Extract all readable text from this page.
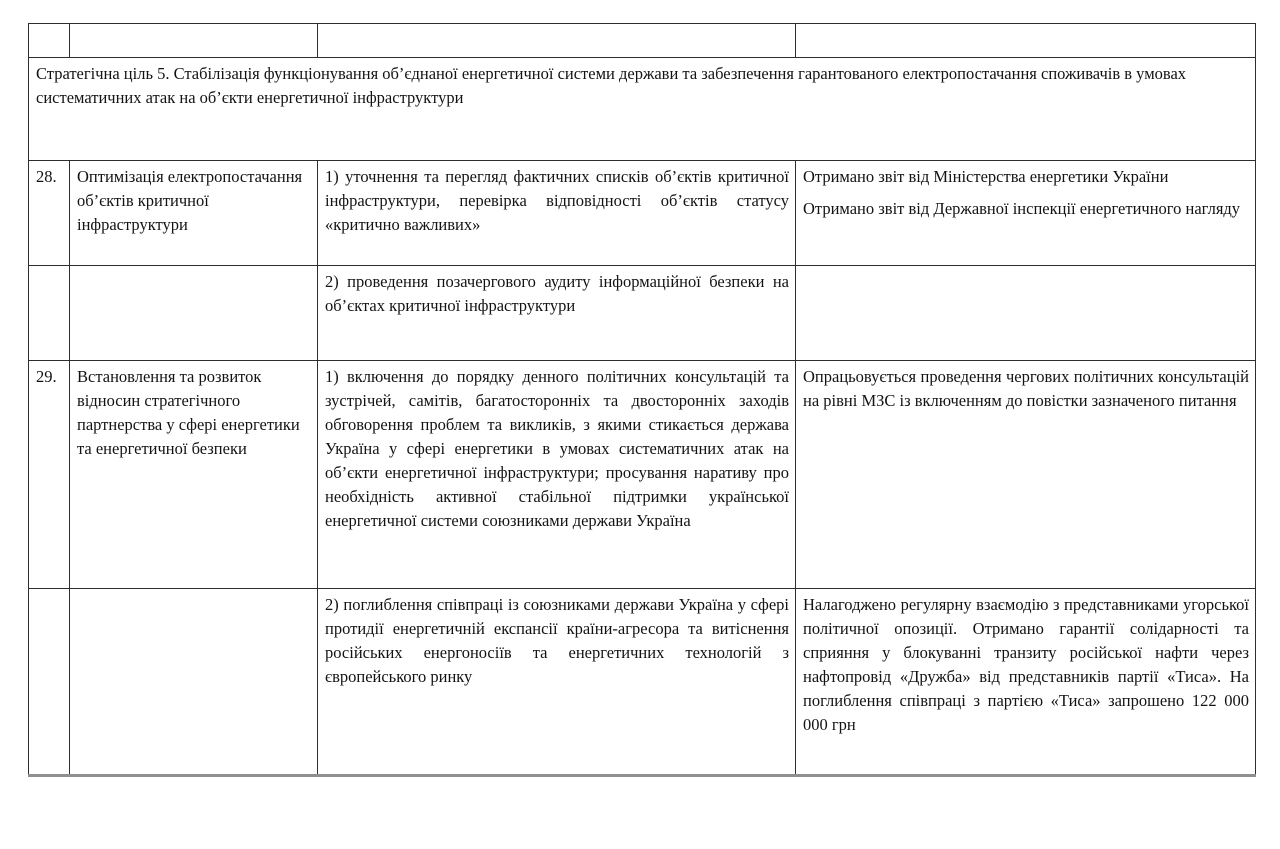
Стратегічна ціль 5. Стабілізація функціонування об’єднаної енергетичної системи держави та забезпечення гарантованого електропостачання споживачів в умовах систематичних атак на об’єкти енергетичної інфраструктури			
28.	Оптимізація електропостачання об’єктів критичної інфраструктури	1) уточнення та перегляд фактичних списків об’єктів критичної інфраструктури, перевірка відповідності об’єктів статусу «критично важливих»	Отримано звіт від Міністерства енергетики України

Отримано звіт від Державної інспекції енергетичного нагляду

		2) проведення позачергового аудиту інформаційної безпеки на об’єктах критичної інфраструктури	
29.	Встановлення та розвиток відносин стратегічного партнерства у сфері енергетики та енергетичної безпеки	1) включення до порядку денного політичних консультацій та зустрічей, самітів, багатосторонніх та двосторонніх заходів обговорення проблем та викликів, з якими стикається держава Україна у сфері енергетики в умовах систематичних атак на об’єкти енергетичної інфраструктури; просування наративу про необхідність активної стабільної підтримки української енергетичної системи союзниками держави Україна	Опрацьовується проведення чергових політичних консультацій на рівні МЗС із включенням до повістки зазначеного питання
		2) поглиблення співпраці із союзниками держави Україна у сфері протидії енергетичній експансії країни-агресора та витіснення російських енергоносіїв та енергетичних технологій з європейського ринку	Налагоджено регулярну взаємодію з представниками угорської політичної опозиції. Отримано гарантії солідарності та сприяння у блокуванні транзиту російської нафти через нафтопровід «Дружба» від представників партії «Тиса». На поглиблення співпраці з партією «Тиса» запрошено 122 000 000 грн
